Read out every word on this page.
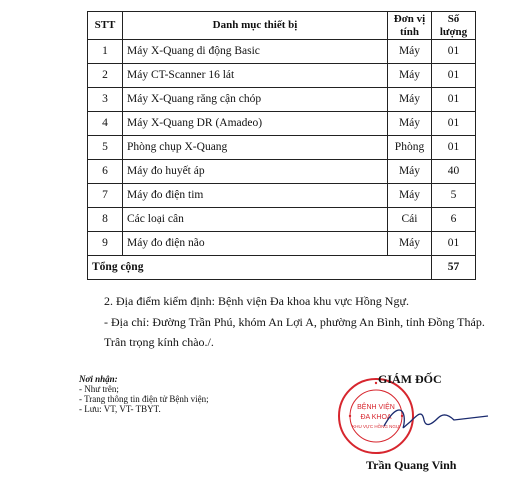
STT	Danh mục thiết bị	Đơn vị tính	Số lượng
1	Máy X-Quang di động Basic	Máy	01
2	Máy CT-Scanner 16 lát	Máy	01
3	Máy X-Quang răng cận chóp	Máy	01
4	Máy X-Quang DR (Amadeo)	Máy	01
5	Phòng chụp X-Quang	Phòng	01
6	Máy đo huyết áp	Máy	40
7	Máy đo điện tim	Máy	5
8	Các loại cân	Cái	6
9	Máy đo điện não	Máy	01
Tổng cộng			57
2. Địa điểm kiểm định: Bệnh viện Đa khoa khu vực Hồng Ngự.
- Địa chỉ: Đường Trần Phú, khóm An Lợi A, phường An Bình, tỉnh Đồng Tháp.
Trân trọng kính chào./.
Nơi nhận:
- Như trên;
- Trang thông tin điện tử Bệnh viện;
- Lưu: VT, VT- TBYT.	BỆNH VIỆN
ĐA KHOA
KHU VỰC HỒNG NGỰ
GIÁM ĐỐC
Trần Quang Vinh
